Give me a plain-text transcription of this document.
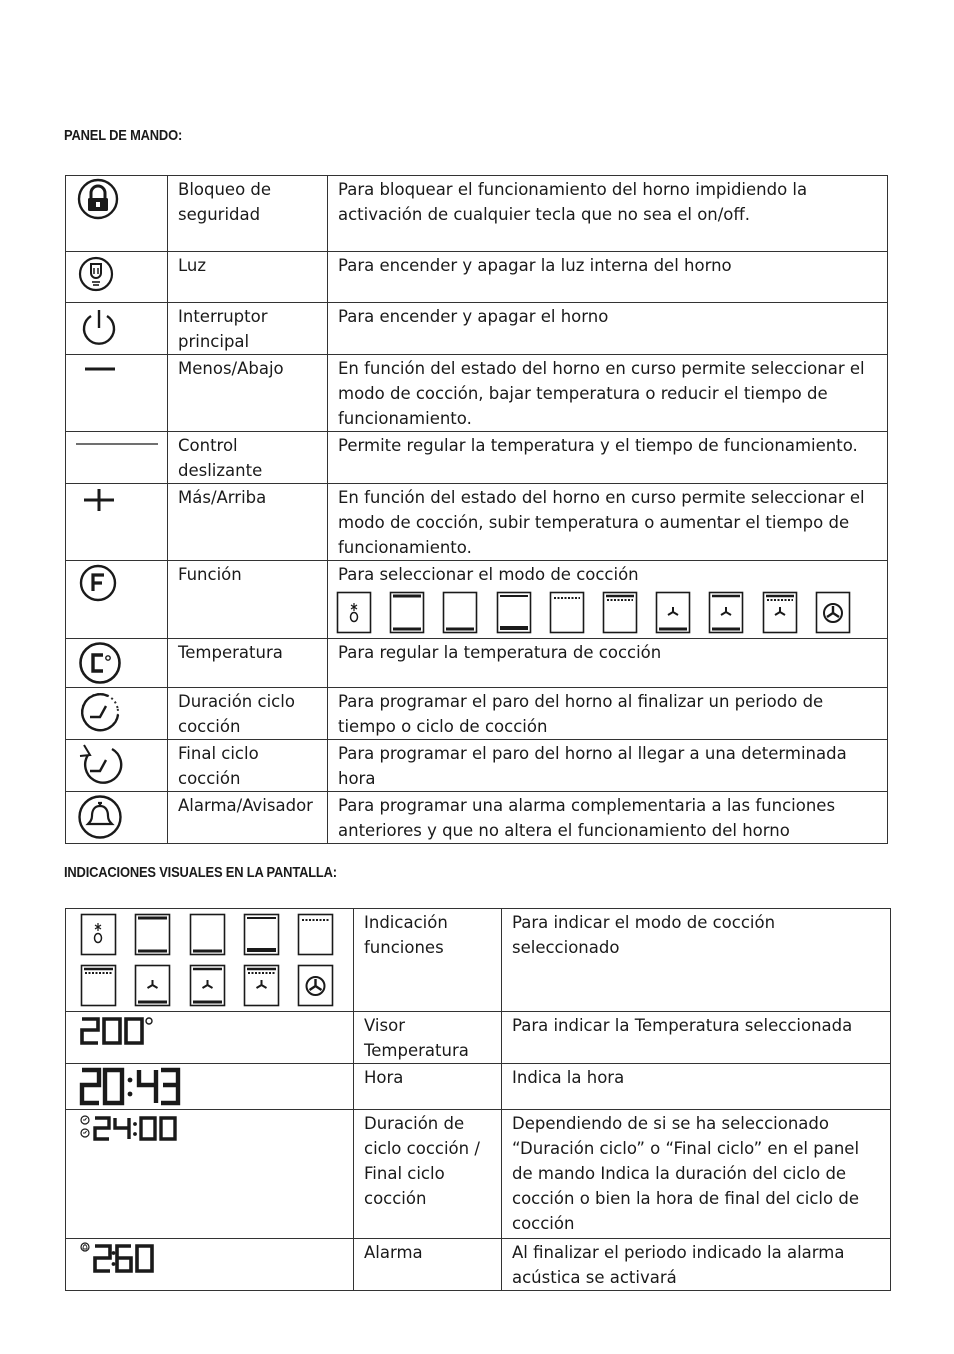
PANEL DE MANDO:

Bloqueo de seguridad	Para bloquear el funcionamiento del horno impidiendo la activación de cualquier tecla que no sea el on/off.

Luz	Para encender y apagar la luz interna del horno

Interruptor principal	Para encender y apagar el horno

Menos/Abajo	En función del estado del horno en curso permite seleccionar el modo de cocción, bajar temperatura o reducir el tiempo de funcionamiento.

Control deslizante	Permite regular la temperatura y el tiempo de funcionamiento.

Más/Arriba	En función del estado del horno en curso permite seleccionar el modo de cocción, subir temperatura o aumentar el tiempo de funcionamiento.

Función	Para seleccionar el modo de cocción

Temperatura	Para regular la temperatura de cocción

Duración ciclo cocción	Para programar el paro del horno al finalizar un periodo de tiempo o ciclo de cocción

Final ciclo cocción	Para programar el paro del horno al llegar a una determinada hora

Alarma/Avisador	Para programar una alarma complementaria a las funciones anteriores y que no altera el funcionamiento del horno
INDICACIONES VISUALES EN LA PANTALLA:

Indicación funciones	Para indicar el modo de cocción seleccionado

Visor Temperatura	Para indicar la Temperatura seleccionada

Hora	Indica la hora

Duración de ciclo cocción / Final ciclo cocción	Dependiendo de si se ha seleccionado “Duración ciclo” o “Final ciclo” en el panel de mando Indica la duración del ciclo de cocción o bien la hora de final del ciclo de cocción

Alarma	Al finalizar el periodo indicado la alarma acústica se activará
